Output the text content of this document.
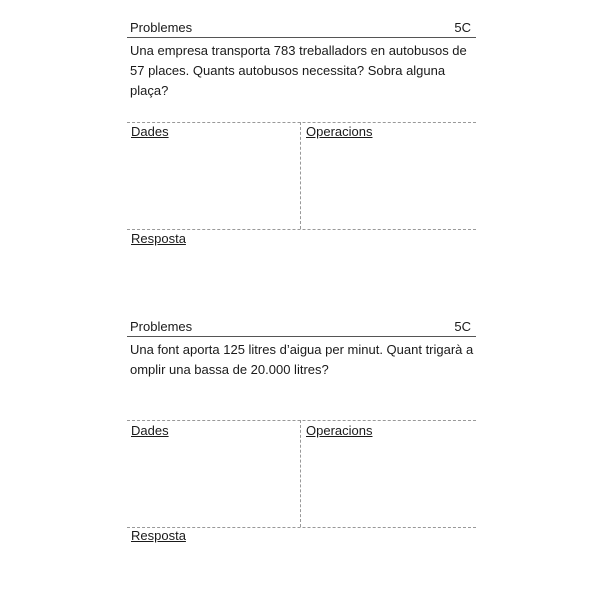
Problemes	5C
Una empresa transporta 783 treballadors en autobusos de
57 places. Quants autobusos necessita? Sobra alguna plaça?
Dades	Operacions
Resposta
Problemes	5C
Una font aporta 125 litres d’aigua per minut. Quant trigarà a
omplir una bassa de 20.000 litres?
Dades	Operacions
Resposta
